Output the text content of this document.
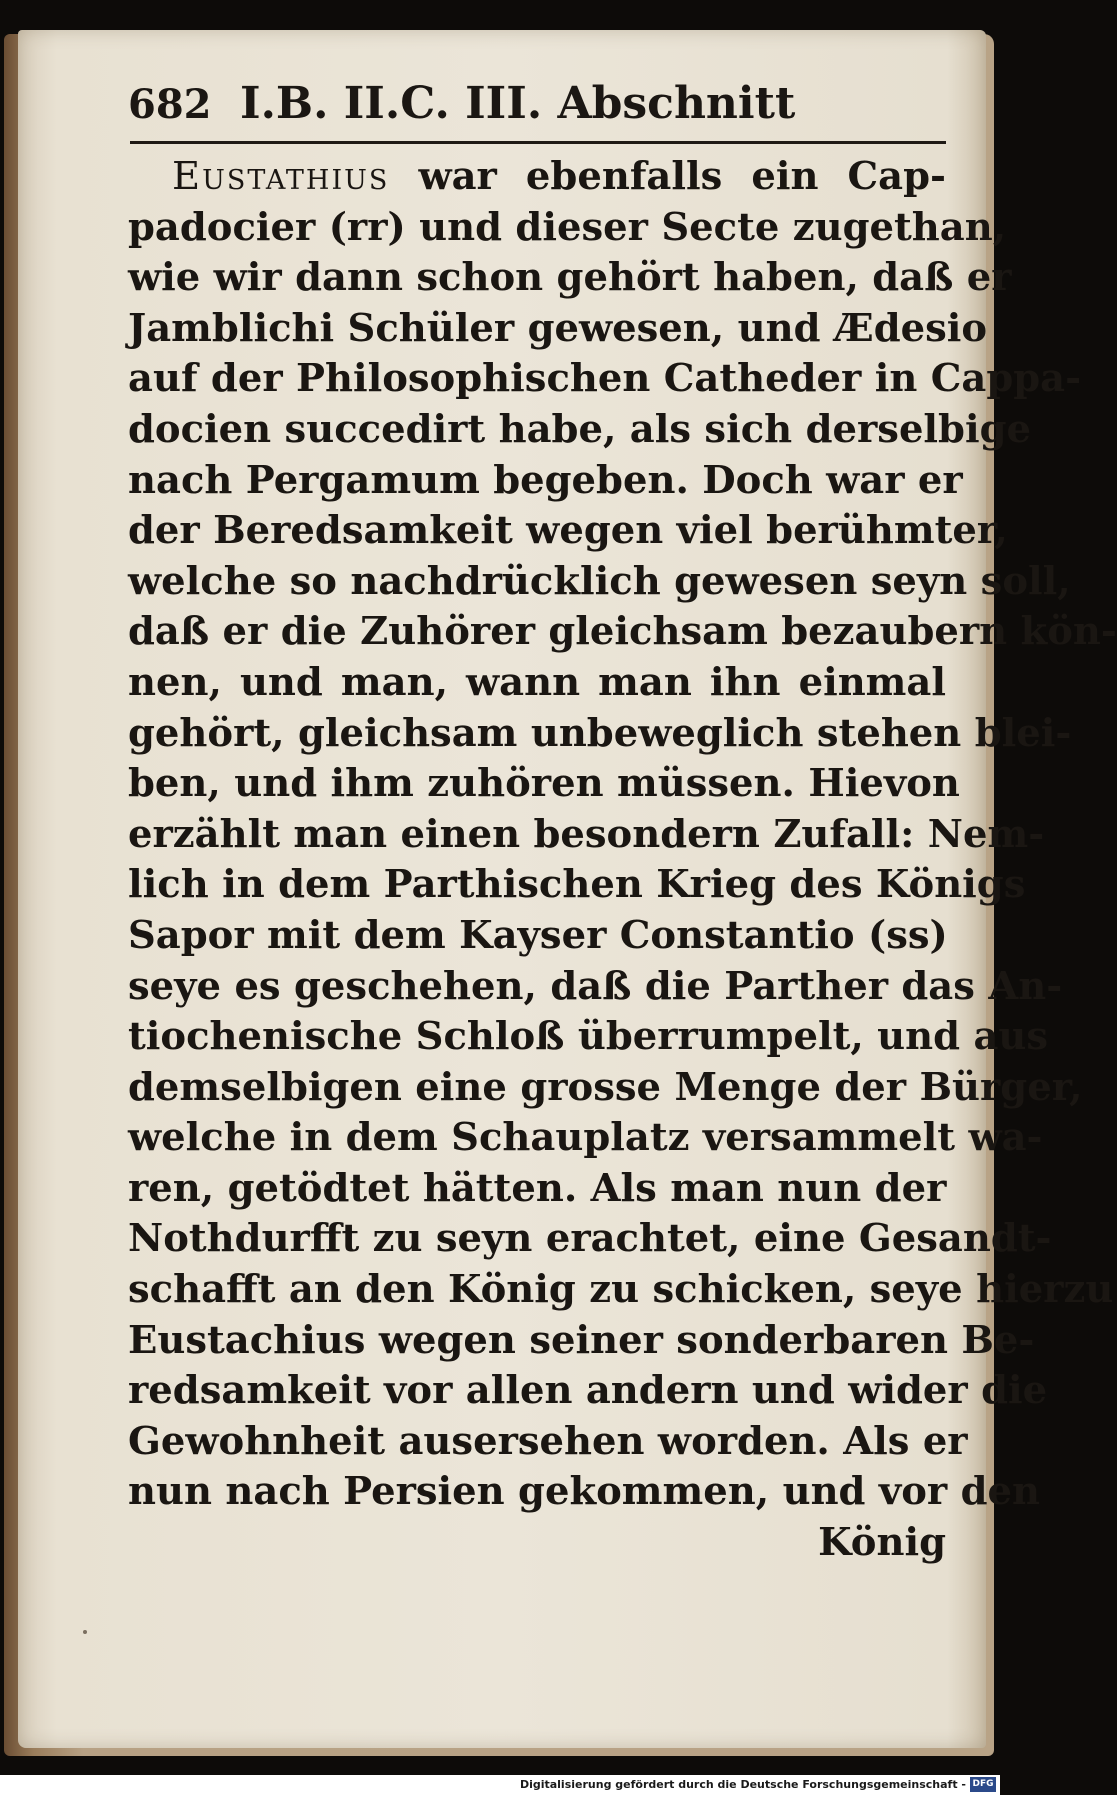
682 I.B. II.C. III. Abschnitt
Eustathius war ebenfalls ein Cap-
padocier (rr) und dieser Secte zugethan,
wie wir dann schon gehört haben, daß er
Jamblichi Schüler gewesen, und Ædesio
auf der Philosophischen Catheder in Cappa-
docien succedirt habe, als sich derselbige
nach Pergamum begeben. Doch war er
der Beredsamkeit wegen viel berühmter,
welche so nachdrücklich gewesen seyn soll,
daß er die Zuhörer gleichsam bezaubern kön-
nen, und man, wann man ihn einmal
gehört, gleichsam unbeweglich stehen blei-
ben, und ihm zuhören müssen. Hievon
erzählt man einen besondern Zufall: Nem-
lich in dem Parthischen Krieg des Königs
Sapor mit dem Kayser Constantio (ss)
seye es geschehen, daß die Parther das An-
tiochenische Schloß überrumpelt, und aus
demselbigen eine grosse Menge der Bürger,
welche in dem Schauplatz versammelt wa-
ren, getödtet hätten. Als man nun der
Nothdurfft zu seyn erachtet, eine Gesandt-
schafft an den König zu schicken, seye hierzu
Eustachius wegen seiner sonderbaren Be-
redsamkeit vor allen andern und wider die
Gewohnheit ausersehen worden. Als er
nun nach Persien gekommen, und vor den
König
Digitalisierung gefördert durch die Deutsche Forschungsgemeinschaft - DFG
